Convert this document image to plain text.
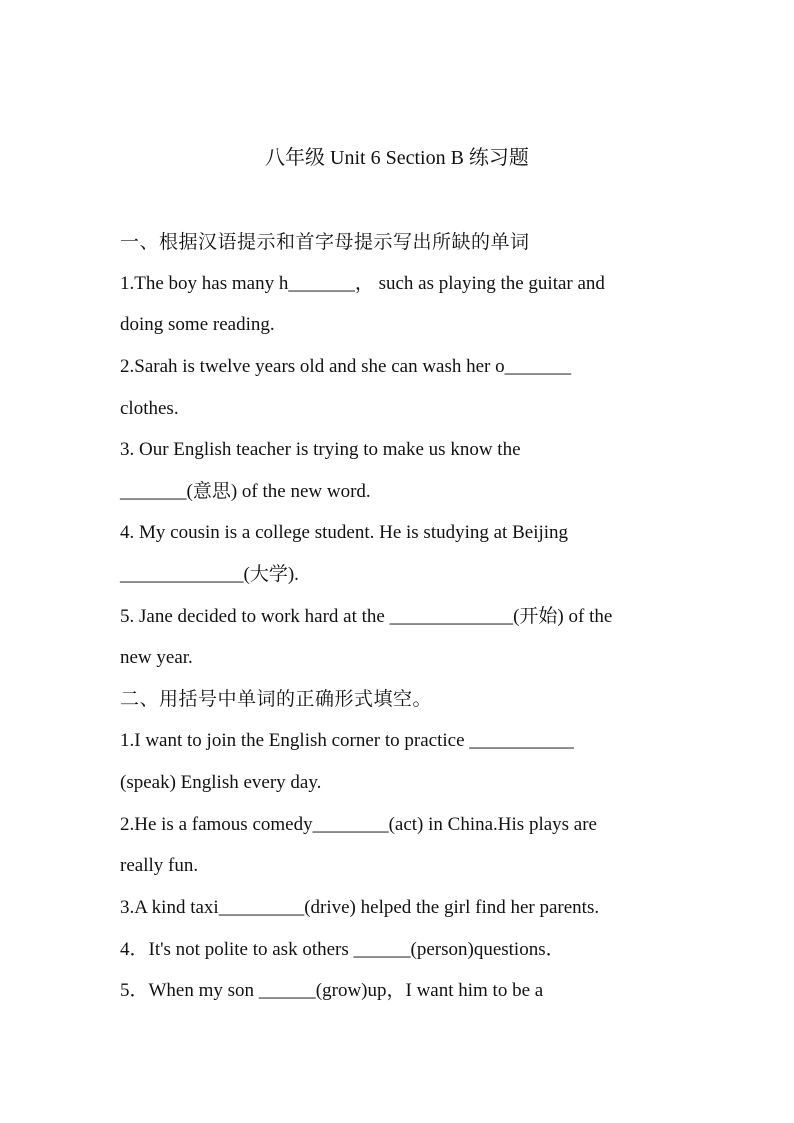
八年级 Unit 6 Section B 练习题
一、根据汉语提示和首字母提示写出所缺的单词
1.The boy has many h_______， such as playing the guitar and
doing some reading.
2.Sarah is twelve years old and she can wash her o_______
clothes.
3. Our English teacher is trying to make us know the
_______(意思) of the new word.
4. My cousin is a college student. He is studying at Beijing
_____________(大学).
5. Jane decided to work hard at the _____________(开始) of the
new year.
二、用括号中单词的正确形式填空。
1.I want to join the English corner to practice ___________
(speak) English every day.
2.He is a famous comedy________(act) in China.His plays are
really fun.
3.A kind taxi_________(drive) helped the girl find her parents.
4．It's not polite to ask others ______(person)questions．
5．When my son ______(grow)up，I want him to be a
